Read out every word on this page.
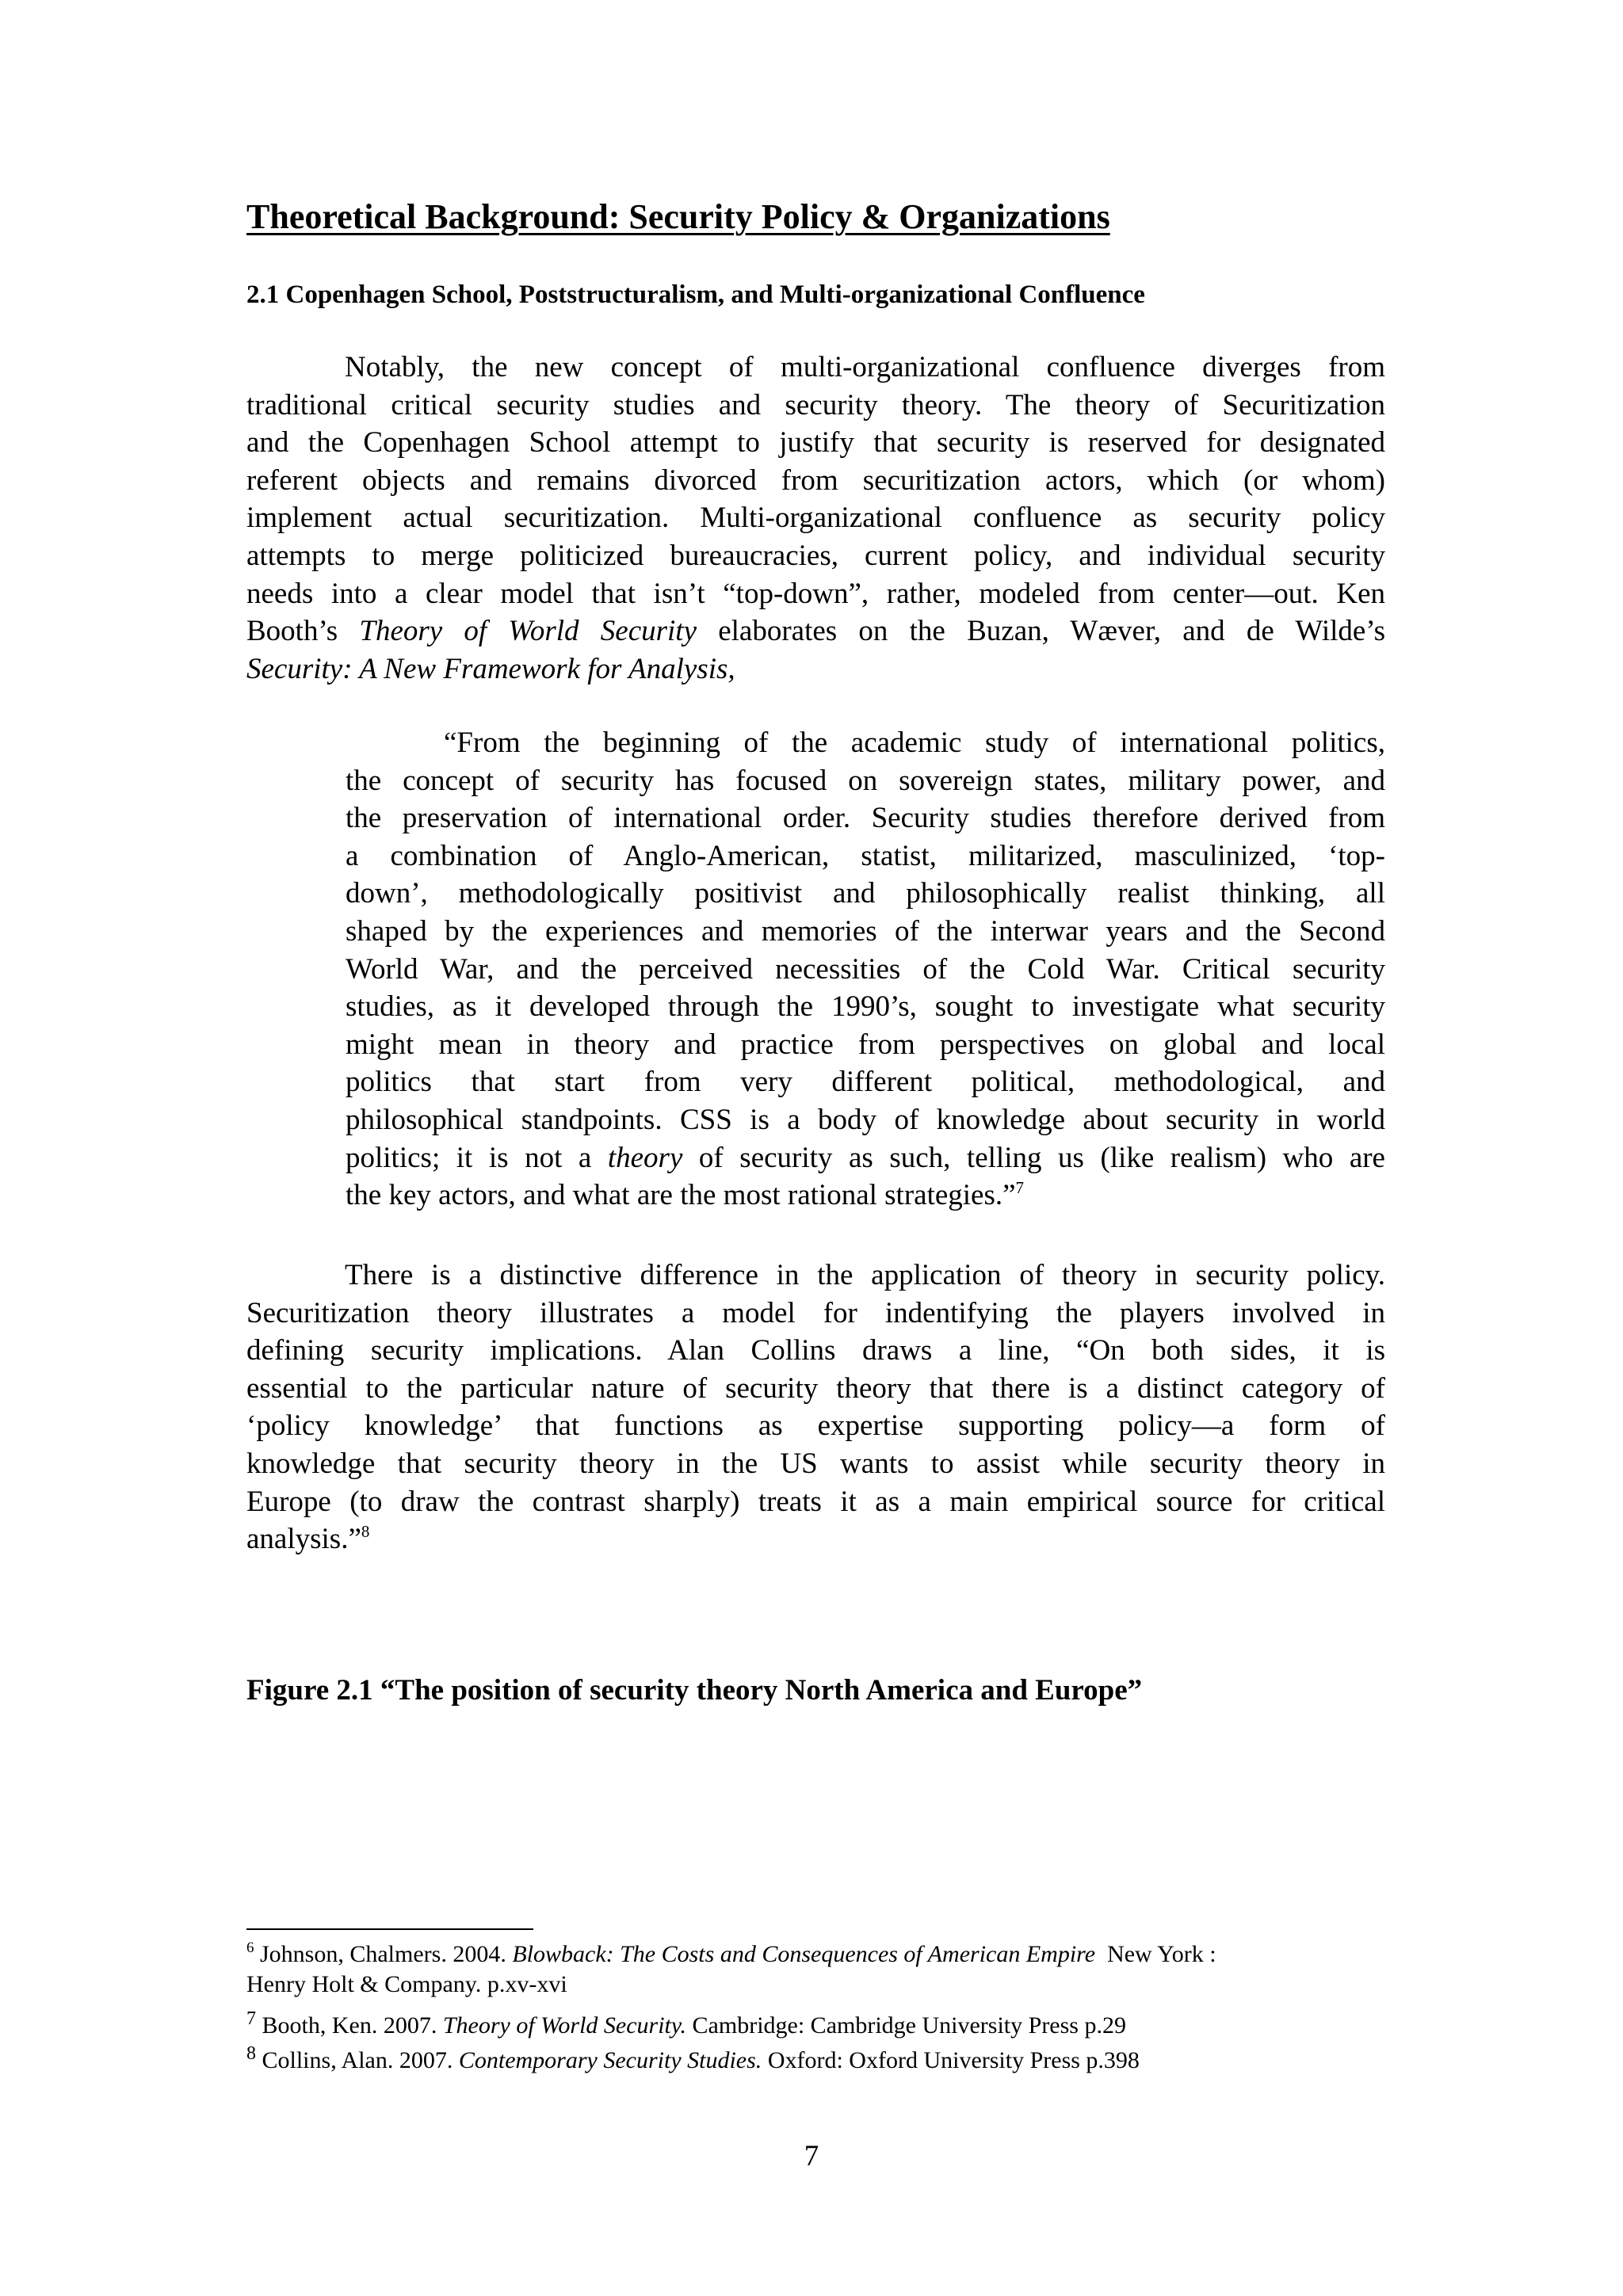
Theoretical Background: Security Policy & Organizations
2.1 Copenhagen School, Poststructuralism, and Multi-organizational Confluence
Notably, the new concept of multi-organizational confluence diverges from
traditional critical security studies and security theory. The theory of Securitization
and the Copenhagen School attempt to justify that security is reserved for designated
referent objects and remains divorced from securitization actors, which (or whom)
implement actual securitization. Multi-organizational confluence as security policy
attempts to merge politicized bureaucracies, current policy, and individual security
needs into a clear model that isn’t “top-down”, rather, modeled from center—out. Ken
Booth’s Theory of World Security elaborates on the Buzan, Wæver, and de Wilde’s
Security: A New Framework for Analysis,
“From the beginning of the academic study of international politics,
the concept of security has focused on sovereign states, military power, and
the preservation of international order. Security studies therefore derived from
a combination of Anglo-American, statist, militarized, masculinized, ‘top-
down’, methodologically positivist and philosophically realist thinking, all
shaped by the experiences and memories of the interwar years and the Second
World War, and the perceived necessities of the Cold War. Critical security
studies, as it developed through the 1990’s, sought to investigate what security
might mean in theory and practice from perspectives on global and local
politics that start from very different political, methodological, and
philosophical standpoints. CSS is a body of knowledge about security in world
politics; it is not a theory of security as such, telling us (like realism) who are
the key actors, and what are the most rational strategies.”$^7$
There is a distinctive difference in the application of theory in security policy.
Securitization theory illustrates a model for indentifying the players involved in
defining security implications. Alan Collins draws a line, “On both sides, it is
essential to the particular nature of security theory that there is a distinct category of
‘policy knowledge’ that functions as expertise supporting policy—a form of
knowledge that security theory in the US wants to assist while security theory in
Europe (to draw the contrast sharply) treats it as a main empirical source for critical
analysis.”$^8$
Figure 2.1 “The position of security theory North America and Europe”

$^6$ Johnson, Chalmers. 2004. Blowback: The Costs and Consequences of American Empire  New York :
Henry Holt & Company. p.xv-xvi

$^7$ Booth, Ken. 2007. Theory of World Security. Cambridge: Cambridge University Press p.29

$^8$ Collins, Alan. 2007. Contemporary Security Studies. Oxford: Oxford University Press p.398

7
